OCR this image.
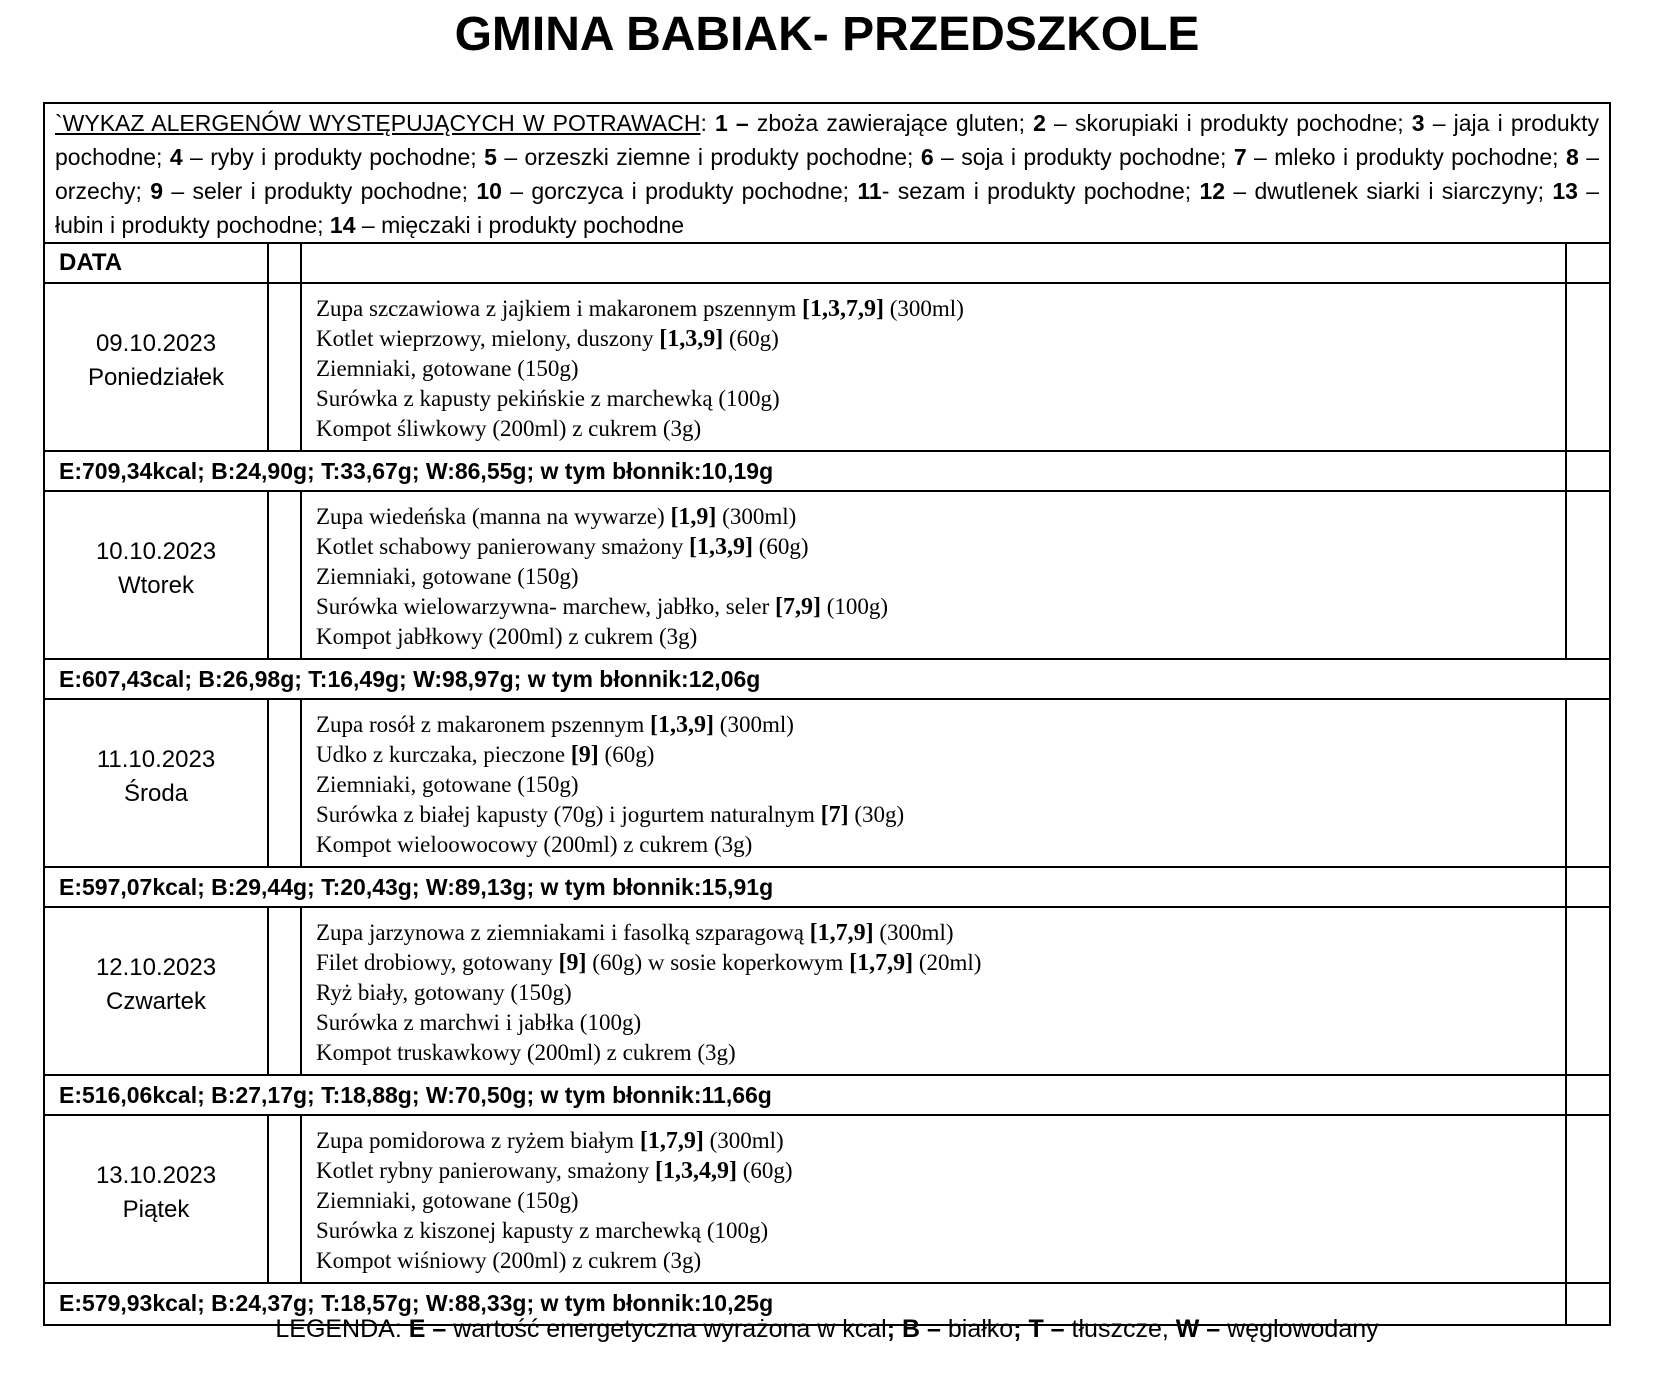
GMINA BABIAK- PRZEDSZKOLE
`WYKAZ ALERGENÓW WYSTĘPUJĄCYCH W POTRAWACH: 1 – zboża zawierające gluten; 2 – skorupiaki i produkty pochodne; 3 – jaja i produkty pochodne; 4 – ryby i produkty pochodne; 5 – orzeszki ziemne i produkty pochodne; 6 – soja i produkty pochodne; 7 – mleko i produkty pochodne; 8 – orzechy; 9 – seler i produkty pochodne; 10 – gorczyca i produkty pochodne; 11- sezam i produkty pochodne; 12 – dwutlenek siarki i siarczyny; 13 – łubin i produkty pochodne; 14 – mięczaki i produkty pochodne
DATA
09.10.2023
Poniedziałek
Zupa szczawiowa z jajkiem i makaronem pszennym [1,3,7,9] (300ml)
Kotlet wieprzowy, mielony, duszony [1,3,9] (60g)
Ziemniaki, gotowane (150g)
Surówka z kapusty pekińskie z marchewką (100g)
Kompot śliwkowy (200ml) z cukrem (3g)
E:709,34kcal; B:24,90g; T:33,67g; W:86,55g; w tym błonnik:10,19g
10.10.2023
Wtorek
Zupa wiedeńska (manna na wywarze) [1,9] (300ml)
Kotlet schabowy panierowany smażony [1,3,9] (60g)
Ziemniaki, gotowane (150g)
Surówka wielowarzywna- marchew, jabłko, seler [7,9] (100g)
Kompot jabłkowy (200ml) z cukrem (3g)
E:607,43cal; B:26,98g; T:16,49g; W:98,97g; w tym błonnik:12,06g
11.10.2023
Środa
Zupa rosół z makaronem pszennym [1,3,9] (300ml)
Udko z kurczaka, pieczone [9] (60g)
Ziemniaki, gotowane (150g)
Surówka z białej kapusty (70g) i jogurtem naturalnym [7] (30g)
Kompot wieloowocowy (200ml) z cukrem (3g)
E:597,07kcal; B:29,44g; T:20,43g; W:89,13g; w tym błonnik:15,91g
12.10.2023
Czwartek
Zupa jarzynowa z ziemniakami i fasolką szparagową [1,7,9] (300ml)
Filet drobiowy, gotowany [9] (60g) w sosie koperkowym [1,7,9] (20ml)
Ryż biały, gotowany (150g)
Surówka z marchwi i jabłka (100g)
Kompot truskawkowy (200ml) z cukrem (3g)
E:516,06kcal; B:27,17g; T:18,88g; W:70,50g; w tym błonnik:11,66g
13.10.2023
Piątek
Zupa pomidorowa z ryżem białym [1,7,9] (300ml)
Kotlet rybny panierowany, smażony [1,3,4,9] (60g)
Ziemniaki, gotowane (150g)
Surówka z kiszonej kapusty z marchewką (100g)
Kompot wiśniowy (200ml) z cukrem (3g)
E:579,93kcal; B:24,37g; T:18,57g; W:88,33g; w tym błonnik:10,25g
LEGENDA: E – wartość energetyczna wyrażona w kcal; B – białko; T – tłuszcze, W – węglowodany
